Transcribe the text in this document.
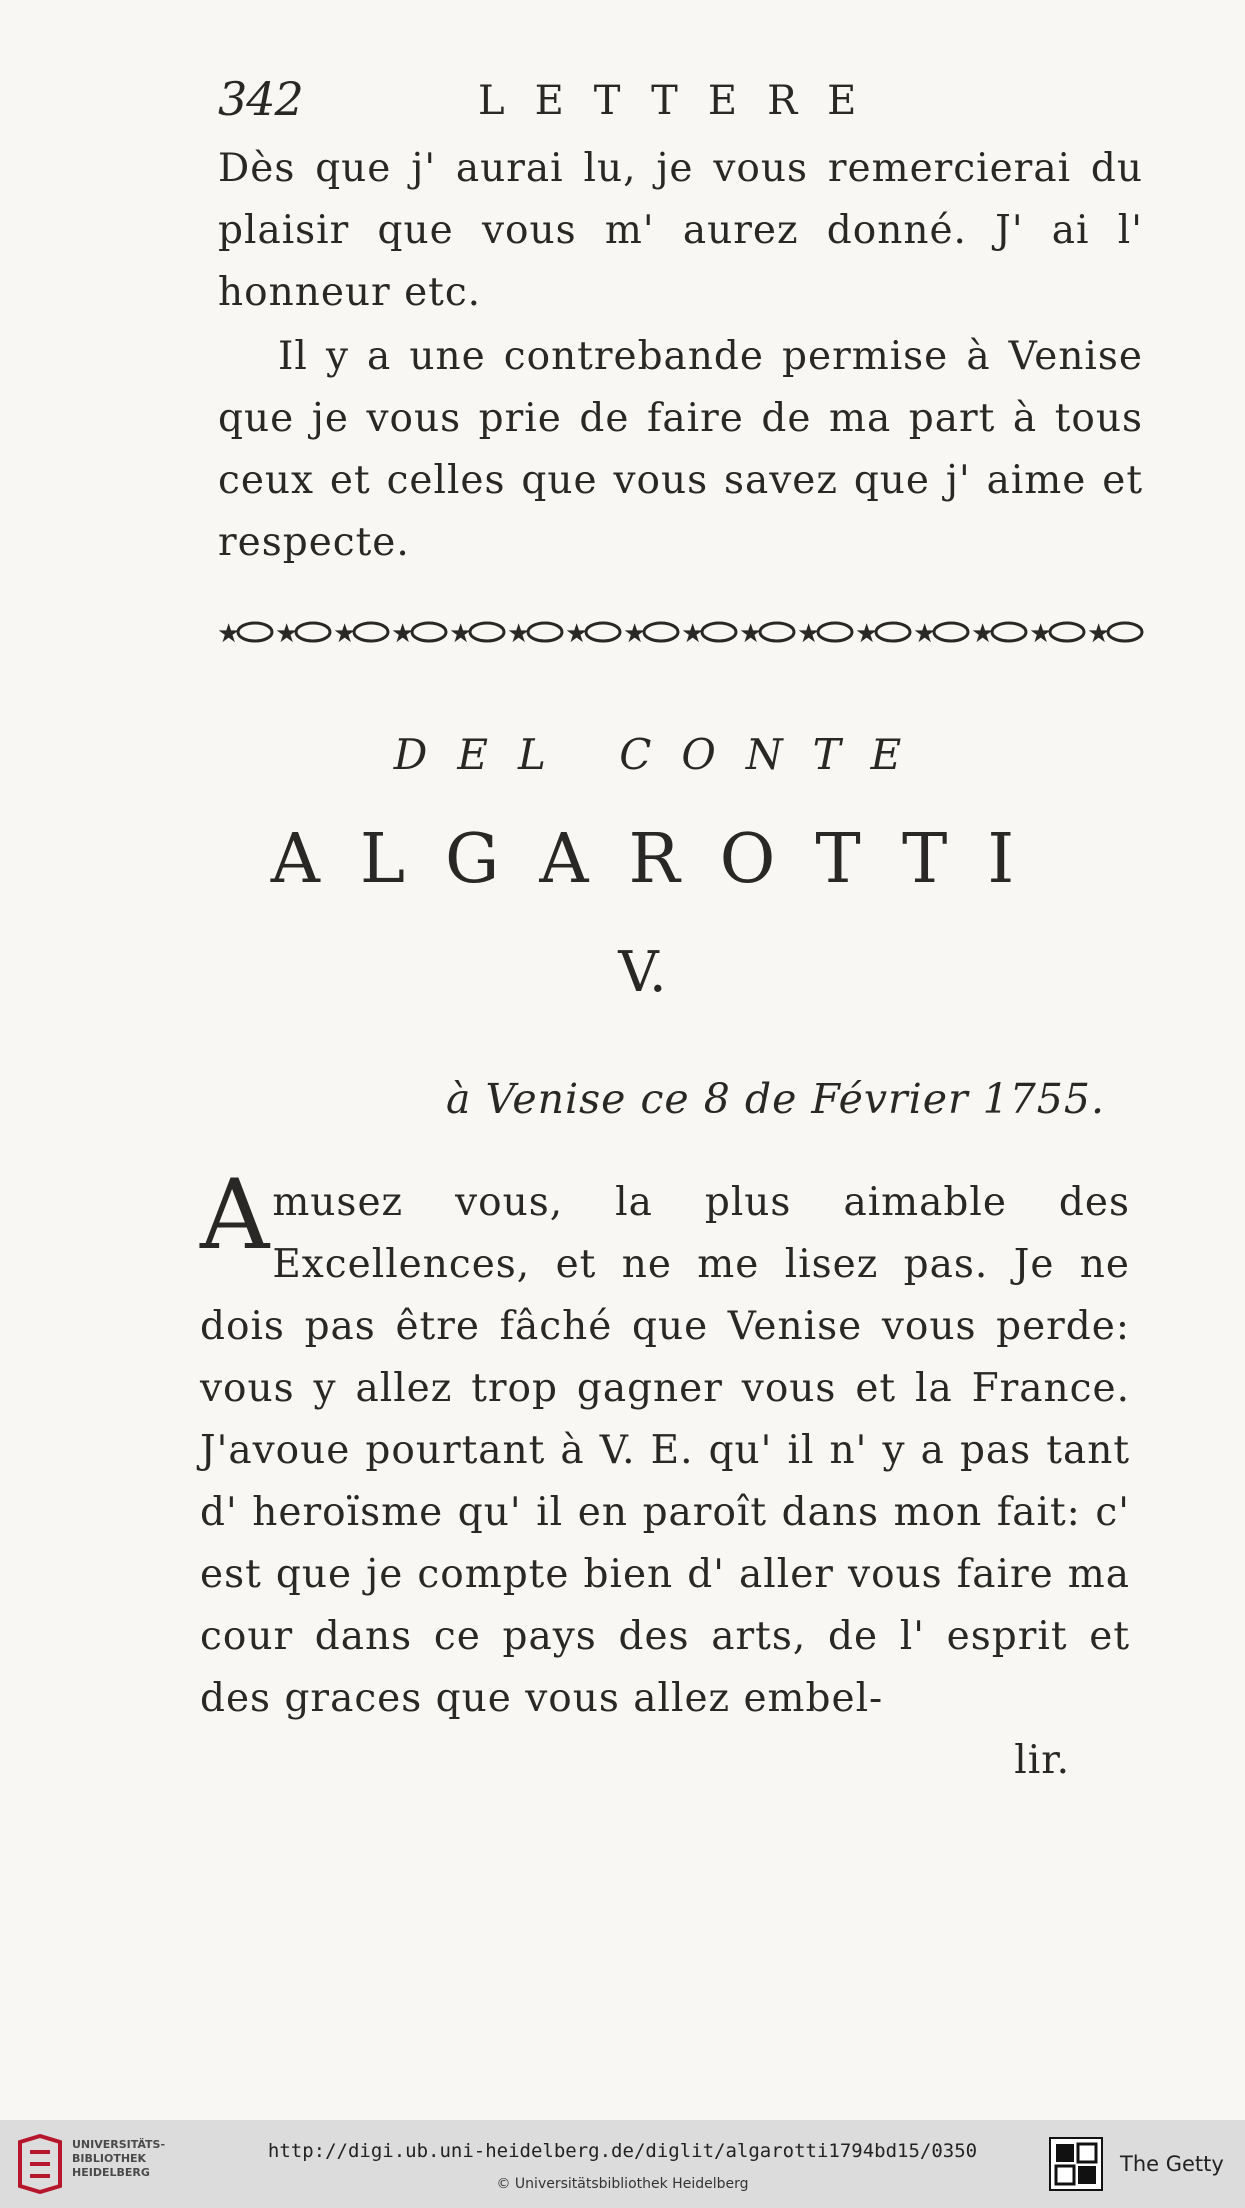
342	LETTERE

Dès que j' aurai lu, je vous remercierai du plaisir que vous m' aurez donné. J' ai l' honneur etc.

Il y a une contrebande permise à Venise que je vous prie de faire de ma part à tous ceux et celles que vous savez que j' aime et respecte.

★ ★ ★ ★ ★ ★ ★ ★ ★ ★ ★ ★ ★ ★ ★ ★
DEL CONTE
ALGAROTTI
V.
à Venise ce 8 de Février 1755.

A musez vous, la plus aimable des Excellences, et ne me lisez pas. Je ne dois pas être fâché que Venise vous perde: vous y allez trop gagner vous et la France. J'avoue pourtant à V. E. qu' il n' y a pas tant d' heroïsme qu' il en paroît dans mon fait: c' est que je compte bien d' aller vous faire ma cour dans ce pays des arts, de l' esprit et des graces que vous allez embel-
lir.

UNIVERSITÄTS-
BIBLIOTHEK
HEIDELBERG
http://digi.ub.uni-heidelberg.de/diglit/algarotti1794bd15/0350
© Universitätsbibliothek Heidelberg
The Getty
